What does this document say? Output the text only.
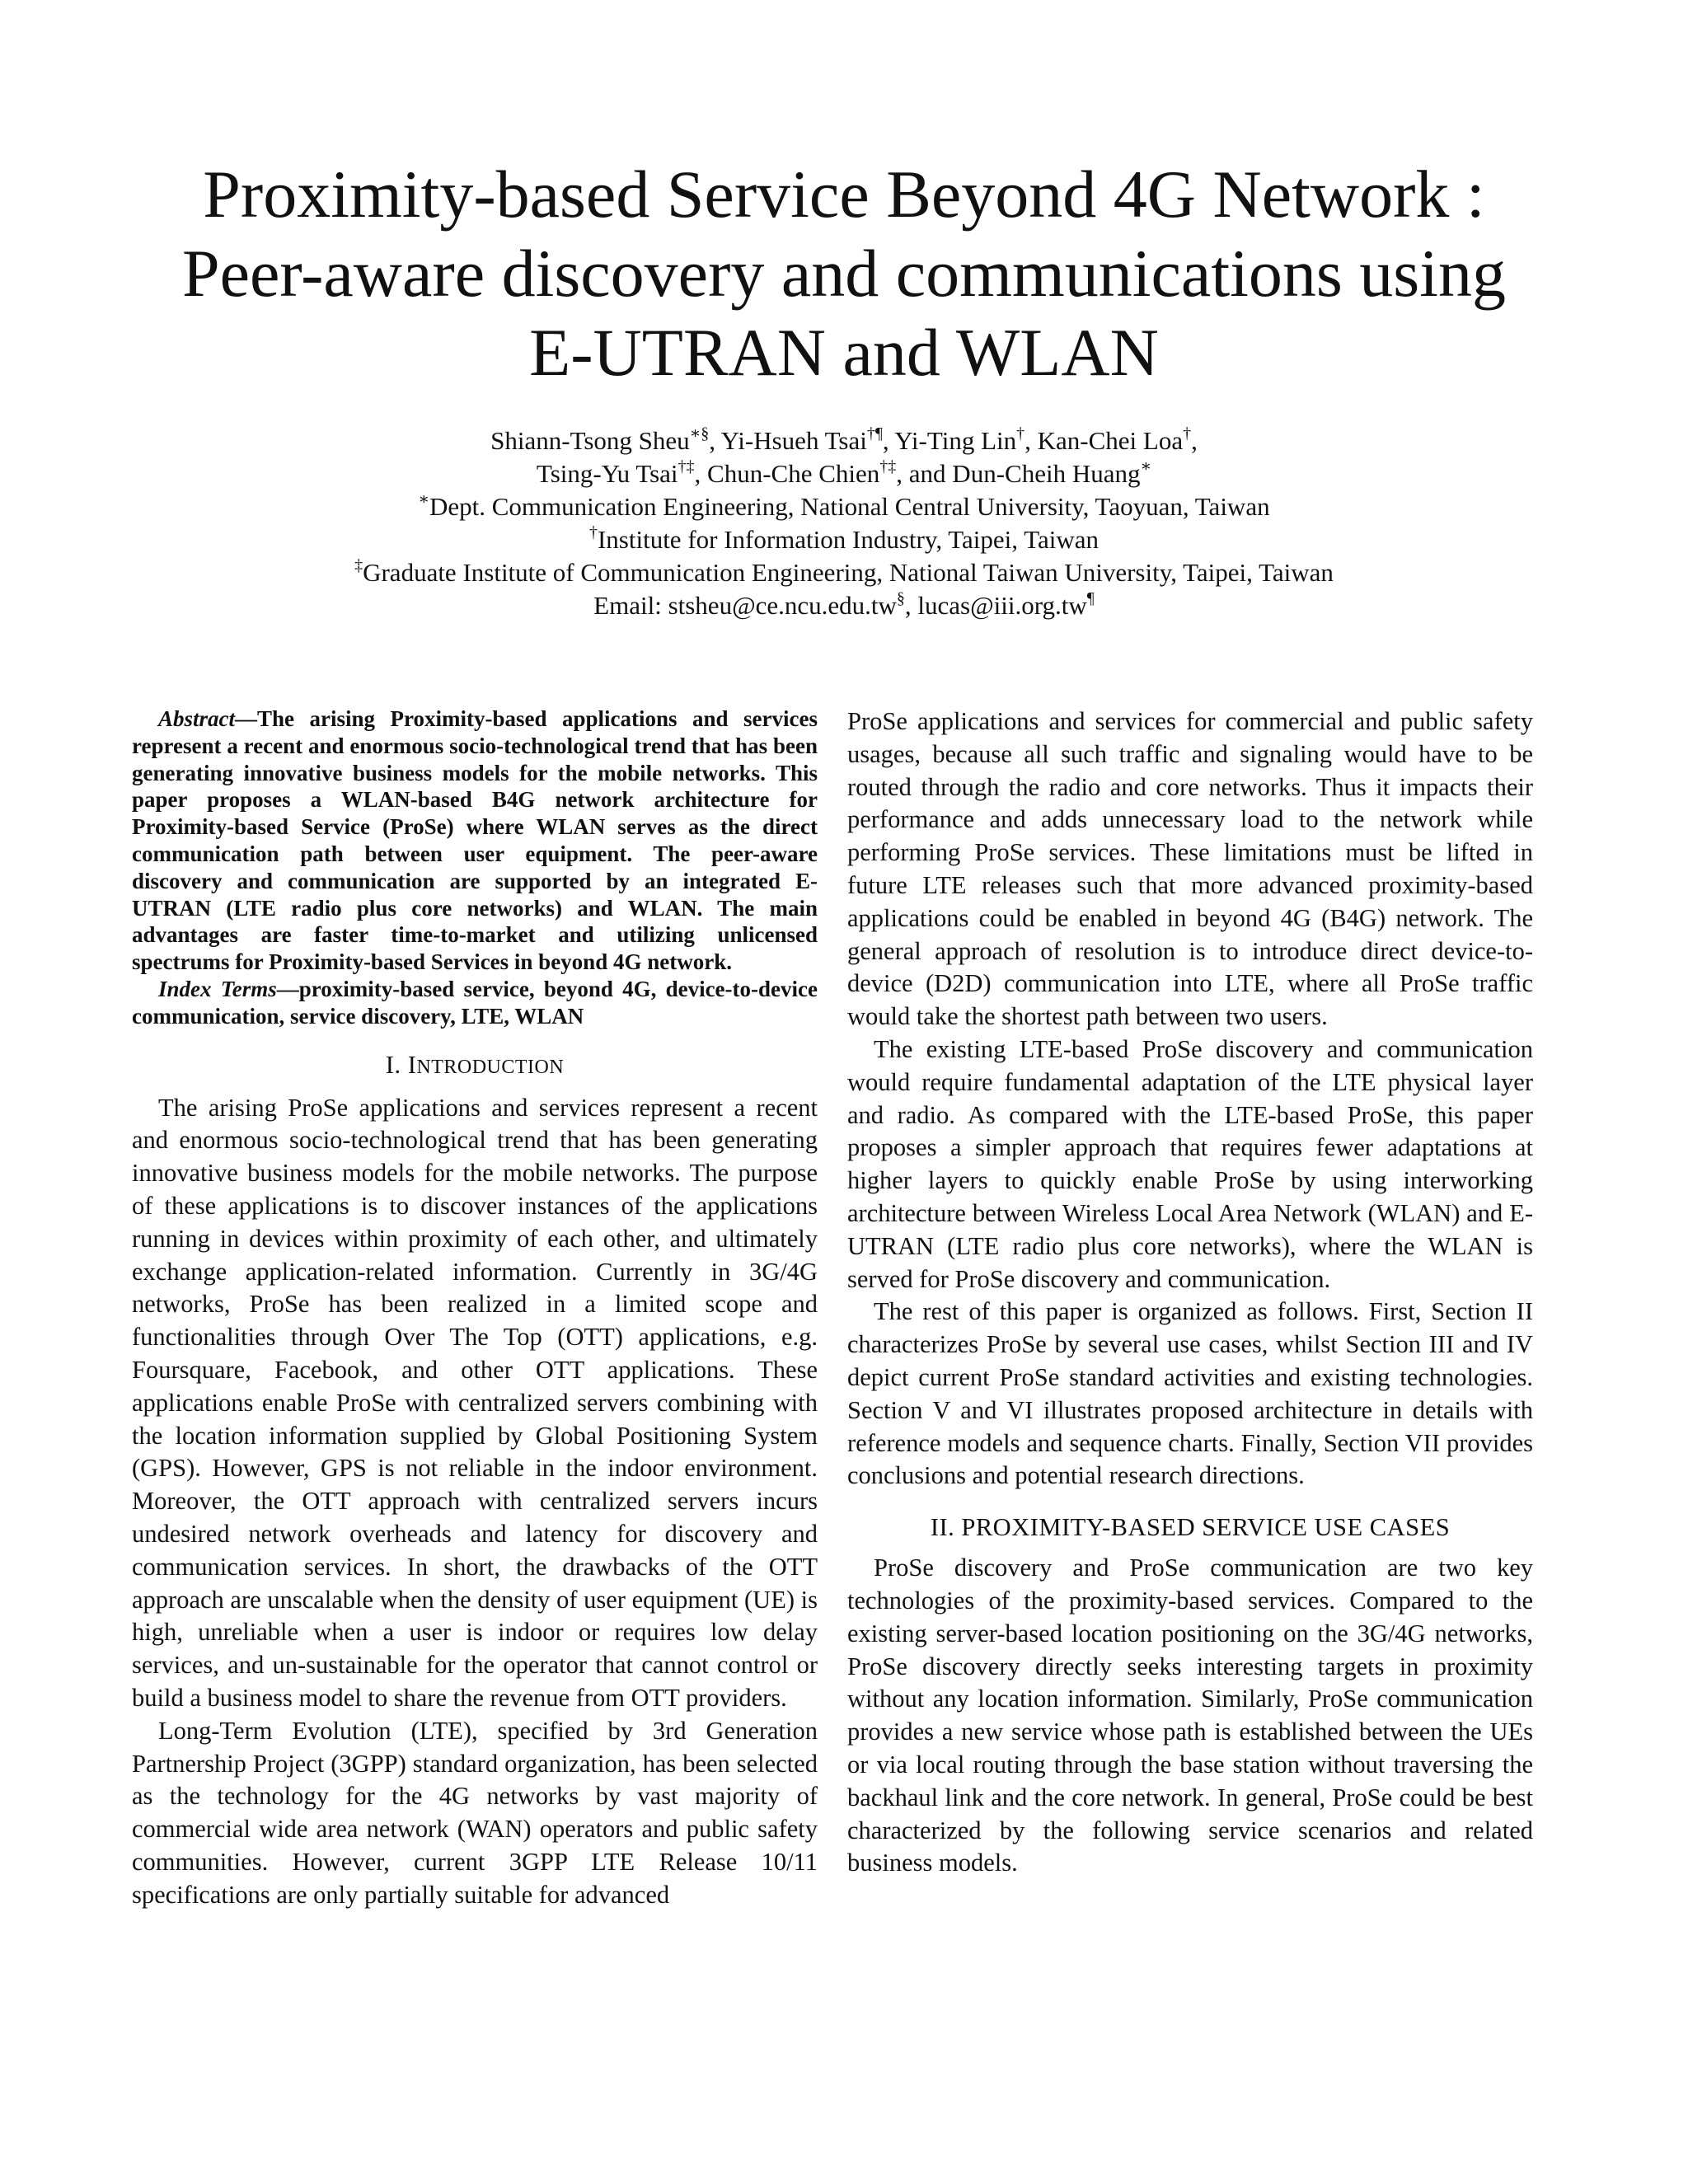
Proximity-based Service Beyond 4G Network :
Peer-aware discovery and communications using
E-UTRAN and WLAN
Shiann-Tsong Sheu∗§, Yi-Hsueh Tsai†¶, Yi-Ting Lin†, Kan-Chei Loa†,
Tsing-Yu Tsai†‡, Chun-Che Chien†‡, and Dun-Cheih Huang∗
∗Dept. Communication Engineering, National Central University, Taoyuan, Taiwan
†Institute for Information Industry, Taipei, Taiwan
‡Graduate Institute of Communication Engineering, National Taiwan University, Taipei, Taiwan
Email: stsheu@ce.ncu.edu.tw§, lucas@iii.org.tw¶

Abstract—The arising Proximity-based applications and services represent a recent and enormous socio-technological trend that has been generating innovative business models for the mobile networks. This paper proposes a WLAN-based B4G network architecture for Proximity-based Service (ProSe) where WLAN serves as the direct communication path between user equipment. The peer-aware discovery and communication are supported by an integrated E-UTRAN (LTE radio plus core networks) and WLAN. The main advantages are faster time-to-market and utilizing unlicensed spectrums for Proximity-based Services in beyond 4G network.

Index Terms—proximity-based service, beyond 4G, device-to-device communication, service discovery, LTE, WLAN

I. INTRODUCTION

The arising ProSe applications and services represent a recent and enormous socio-technological trend that has been generating innovative business models for the mobile networks. The purpose of these applications is to discover instances of the applications running in devices within proximity of each other, and ultimately exchange application-related information. Currently in 3G/4G networks, ProSe has been realized in a limited scope and functionalities through Over The Top (OTT) applications, e.g. Foursquare, Facebook, and other OTT applications. These applications enable ProSe with centralized servers combining with the location information supplied by Global Positioning System (GPS). However, GPS is not reliable in the indoor environment. Moreover, the OTT approach with centralized servers incurs undesired network overheads and latency for discovery and communication services. In short, the drawbacks of the OTT approach are unscalable when the density of user equipment (UE) is high, unreliable when a user is indoor or requires low delay services, and un-sustainable for the operator that cannot control or build a business model to share the revenue from OTT providers.

Long-Term Evolution (LTE), specified by 3rd Generation Partnership Project (3GPP) standard organization, has been selected as the technology for the 4G networks by vast majority of commercial wide area network (WAN) operators and public safety communities. However, current 3GPP LTE Release 10/11 specifications are only partially suitable for advanced

ProSe applications and services for commercial and public safety usages, because all such traffic and signaling would have to be routed through the radio and core networks. Thus it impacts their performance and adds unnecessary load to the network while performing ProSe services. These limitations must be lifted in future LTE releases such that more advanced proximity-based applications could be enabled in beyond 4G (B4G) network. The general approach of resolution is to introduce direct device-to-device (D2D) communication into LTE, where all ProSe traffic would take the shortest path between two users.

The existing LTE-based ProSe discovery and communication would require fundamental adaptation of the LTE physical layer and radio. As compared with the LTE-based ProSe, this paper proposes a simpler approach that requires fewer adaptations at higher layers to quickly enable ProSe by using interworking architecture between Wireless Local Area Network (WLAN) and E-UTRAN (LTE radio plus core networks), where the WLAN is served for ProSe discovery and communication.

The rest of this paper is organized as follows. First, Section II characterizes ProSe by several use cases, whilst Section III and IV depict current ProSe standard activities and existing technologies. Section V and VI illustrates proposed architecture in details with reference models and sequence charts. Finally, Section VII provides conclusions and potential research directions.

II. PROXIMITY-BASED SERVICE USE CASES

ProSe discovery and ProSe communication are two key technologies of the proximity-based services. Compared to the existing server-based location positioning on the 3G/4G networks, ProSe discovery directly seeks interesting targets in proximity without any location information. Similarly, ProSe communication provides a new service whose path is established between the UEs or via local routing through the base station without traversing the backhaul link and the core network. In general, ProSe could be best characterized by the following service scenarios and related business models.
